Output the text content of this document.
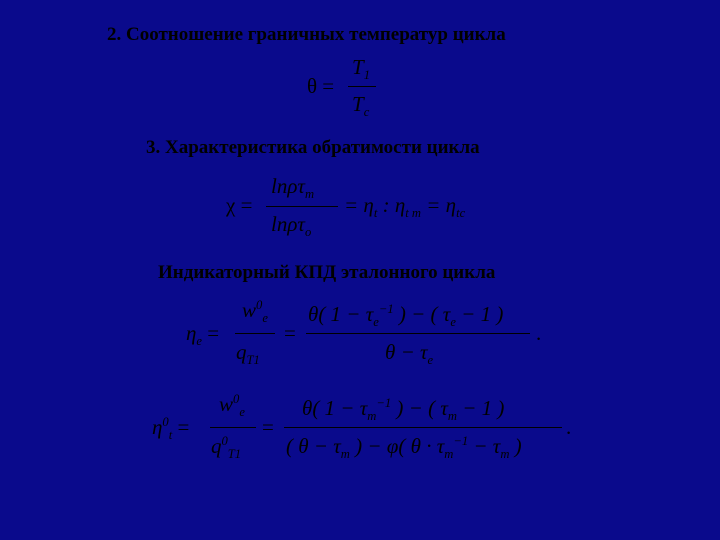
2. Соотношение граничных температур цикла
θ =
$T_1$
$T_c$
3. Характеристика обратимости цикла
χ =
lnρτ$_m$
lnρτ$_o$
= $\eta_t$ : $\eta_{t m} = \eta_{tc}$
Индикаторный КПД эталонного цикла
$\eta_e$ =
$w^0_e$
$q_{T1}$
=
θ( $1 - \tau_e^{-1}$ ) − ( $\tau_e - 1$ )
$\theta - \tau_e$
.
$\eta^0_t$ =
$w^0_e$
$q^0_{T1}$
=
θ( $1 - \tau_m^{-1}$ ) − ( $\tau_m - 1$ )
( $\theta - \tau_m$ ) − φ( $\theta \cdot \tau_m^{-1} - \tau_m$ )
.
